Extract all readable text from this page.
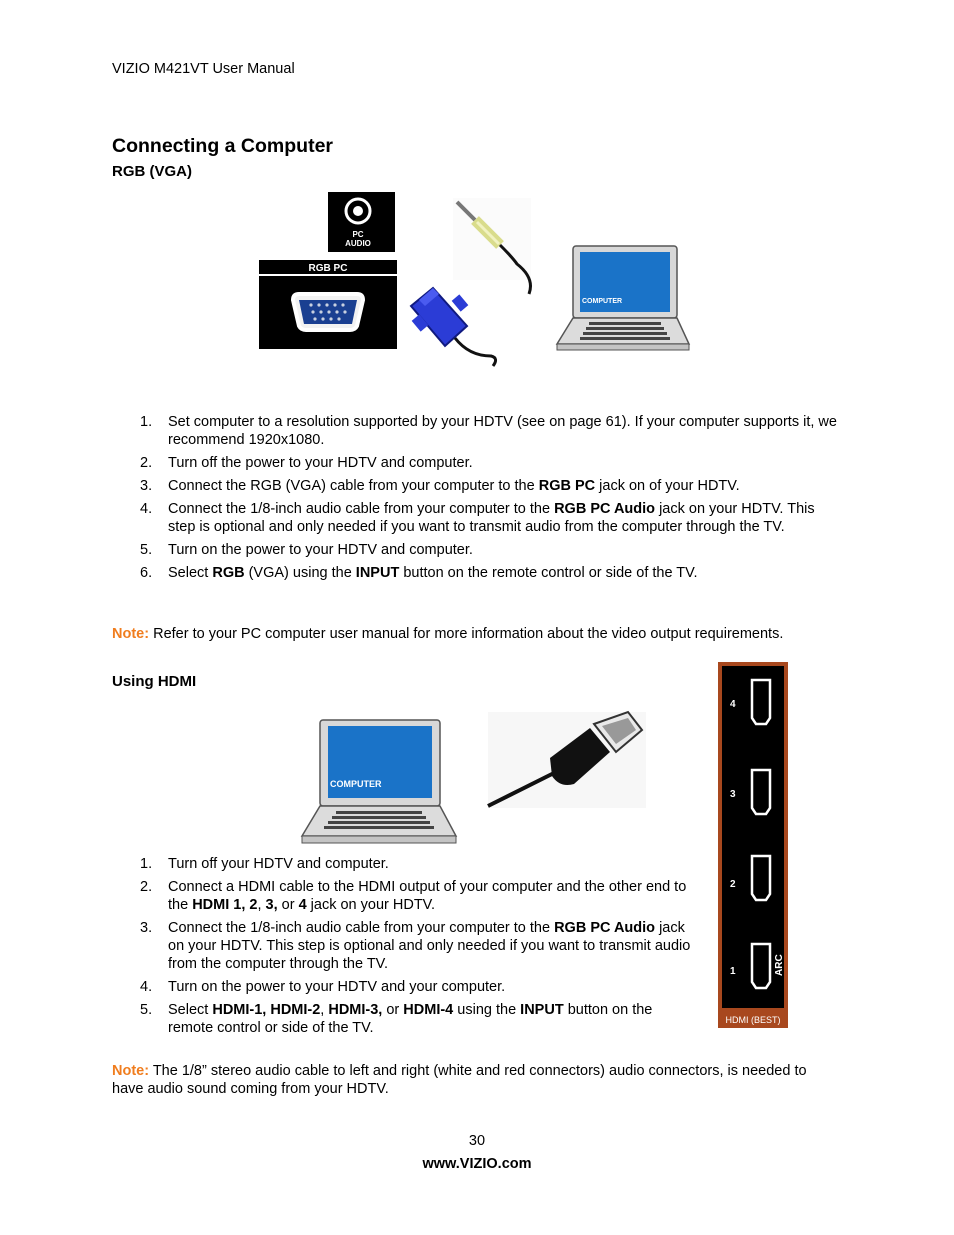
VIZIO M421VT User Manual
Connecting a Computer
RGB (VGA)
PC
AUDIO
RGB PC
COMPUTER
1. Set computer to a resolution supported by your HDTV (see on page 61). If your computer supports it, we recommend 1920x1080.
2. Turn off the power to your HDTV and computer.
3. Connect the RGB (VGA) cable from your computer to the RGB PC jack on of your HDTV.
4. Connect the 1/8-inch audio cable from your computer to the RGB PC Audio jack on your HDTV. This step is optional and only needed if you want to transmit audio from the computer through the TV.
5. Turn on the power to your HDTV and computer.
6. Select RGB (VGA) using the INPUT button on the remote control or side of the TV.
Note: Refer to your PC computer user manual for more information about the video output requirements.
Using HDMI
COMPUTER
4
3
2
1	ARC
HDMI (BEST)
1. Turn off your HDTV and computer.
2. Connect a HDMI cable to the HDMI output of your computer and the other end to the HDMI 1, 2, 3, or 4 jack on your HDTV.
3. Connect the 1/8-inch audio cable from your computer to the RGB PC Audio jack on your HDTV. This step is optional and only needed if you want to transmit audio from the computer through the TV.
4. Turn on the power to your HDTV and your computer.
5. Select HDMI-1, HDMI-2, HDMI-3, or HDMI-4 using the INPUT button on the remote control or side of the TV.
Note: The 1/8” stereo audio cable to left and right (white and red connectors) audio connectors, is needed to have audio sound coming from your HDTV.
30
www.VIZIO.com
